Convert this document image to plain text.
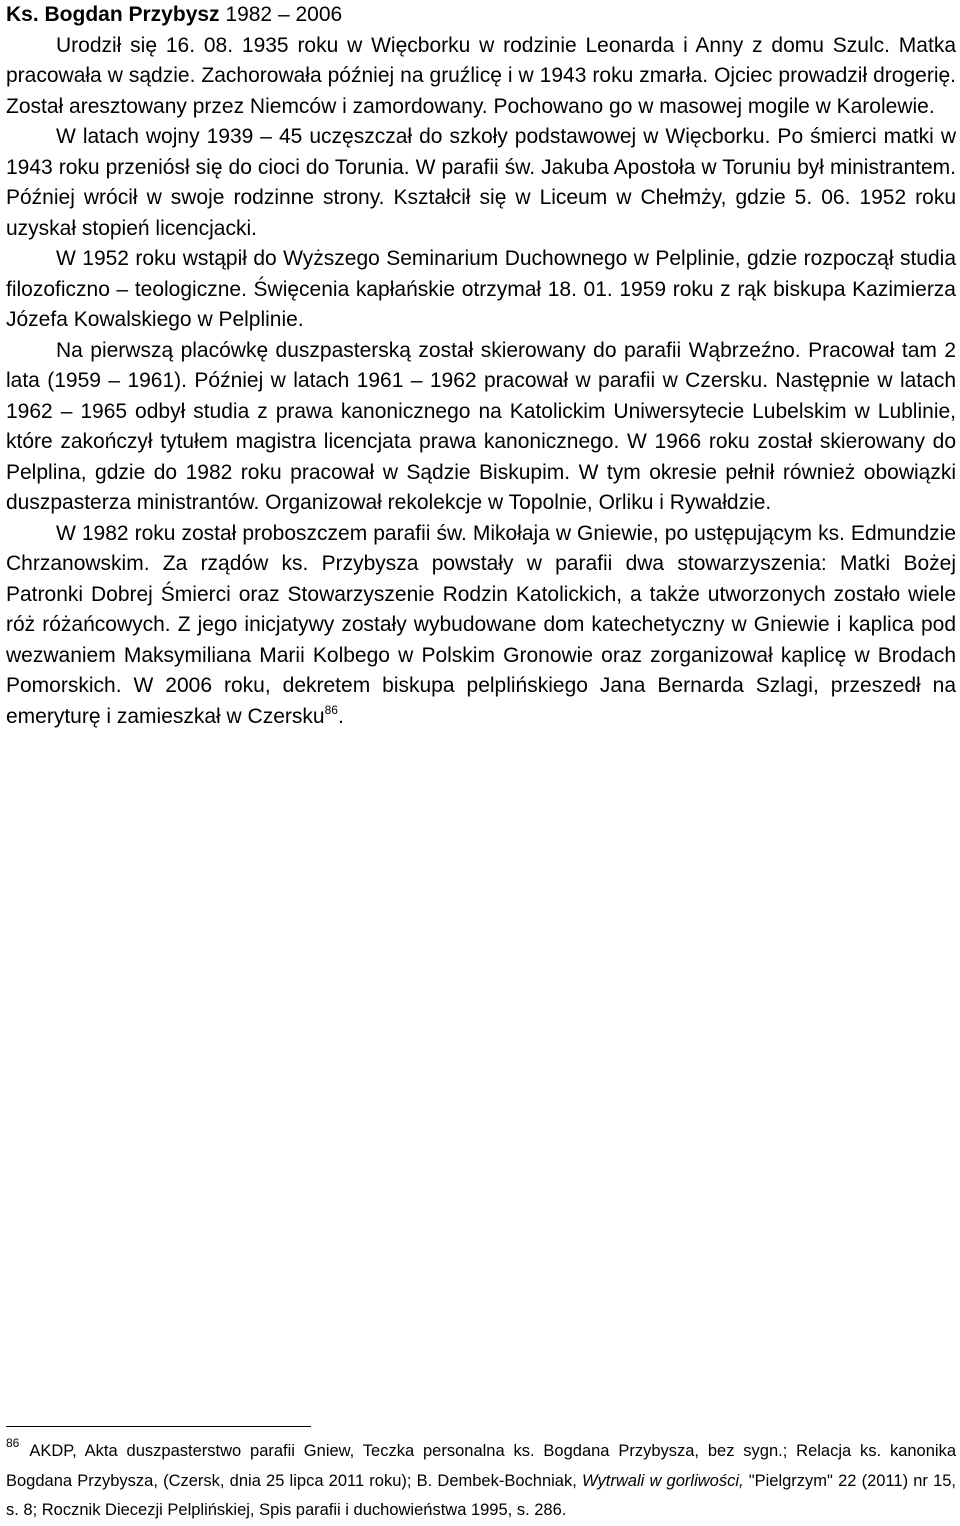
Ks. Bogdan Przybysz 1982 – 2006

Urodził się 16. 08. 1935 roku w Więcborku w rodzinie Leonarda i Anny z domu Szulc. Matka pracowała w sądzie. Zachorowała później na gruźlicę i w 1943 roku zmarła. Ojciec prowadził drogerię. Został aresztowany przez Niemców i zamordowany. Pochowano go w masowej mogile w Karolewie.

W latach wojny 1939 – 45 uczęszczał do szkoły podstawowej w Więcborku. Po śmierci matki w 1943 roku przeniósł się do cioci do Torunia. W parafii św. Jakuba Apostoła w Toruniu był ministrantem. Później wrócił w swoje rodzinne strony. Kształcił się w Liceum w Chełmży, gdzie 5. 06. 1952 roku uzyskał stopień licencjacki.

W 1952 roku wstąpił do Wyższego Seminarium Duchownego w Pelplinie, gdzie rozpoczął studia filozoficzno – teologiczne. Święcenia kapłańskie otrzymał 18. 01. 1959 roku z rąk biskupa Kazimierza Józefa Kowalskiego w Pelplinie.

Na pierwszą placówkę duszpasterską został skierowany do parafii Wąbrzeźno. Pracował tam 2 lata (1959 – 1961). Później w latach 1961 – 1962 pracował w parafii w Czersku. Następnie w latach 1962 – 1965 odbył studia z prawa kanonicznego na Katolickim Uniwersytecie Lubelskim w Lublinie, które zakończył tytułem magistra licencjata prawa kanonicznego. W 1966 roku został skierowany do Pelplina, gdzie do 1982 roku pracował w Sądzie Biskupim. W tym okresie pełnił również obowiązki duszpasterza ministrantów. Organizował rekolekcje w Topolnie, Orliku i Rywałdzie.

W 1982 roku został proboszczem parafii św. Mikołaja w Gniewie, po ustępującym ks. Edmundzie Chrzanowskim. Za rządów ks. Przybysza powstały w parafii dwa stowarzyszenia: Matki Bożej Patronki Dobrej Śmierci oraz Stowarzyszenie Rodzin Katolickich, a także utworzonych zostało wiele róż różańcowych. Z jego inicjatywy zostały wybudowane dom katechetyczny w Gniewie i kaplica pod wezwaniem Maksymiliana Marii Kolbego w Polskim Gronowie oraz zorganizował kaplicę w Brodach Pomorskich. W 2006 roku, dekretem biskupa pelplińskiego Jana Bernarda Szlagi, przeszedł na emeryturę i zamieszkał w Czersku$^{86}$.

$^{86}$ AKDP, Akta duszpasterstwo parafii Gniew, Teczka personalna ks. Bogdana Przybysza, bez sygn.; Relacja ks. kanonika Bogdana Przybysza, (Czersk, dnia 25 lipca 2011 roku); B. Dembek-Bochniak, Wytrwali w gorliwości, "Pielgrzym" 22 (2011) nr 15, s. 8; Rocznik Diecezji Pelplińskiej, Spis parafii i duchowieństwa 1995, s. 286.
